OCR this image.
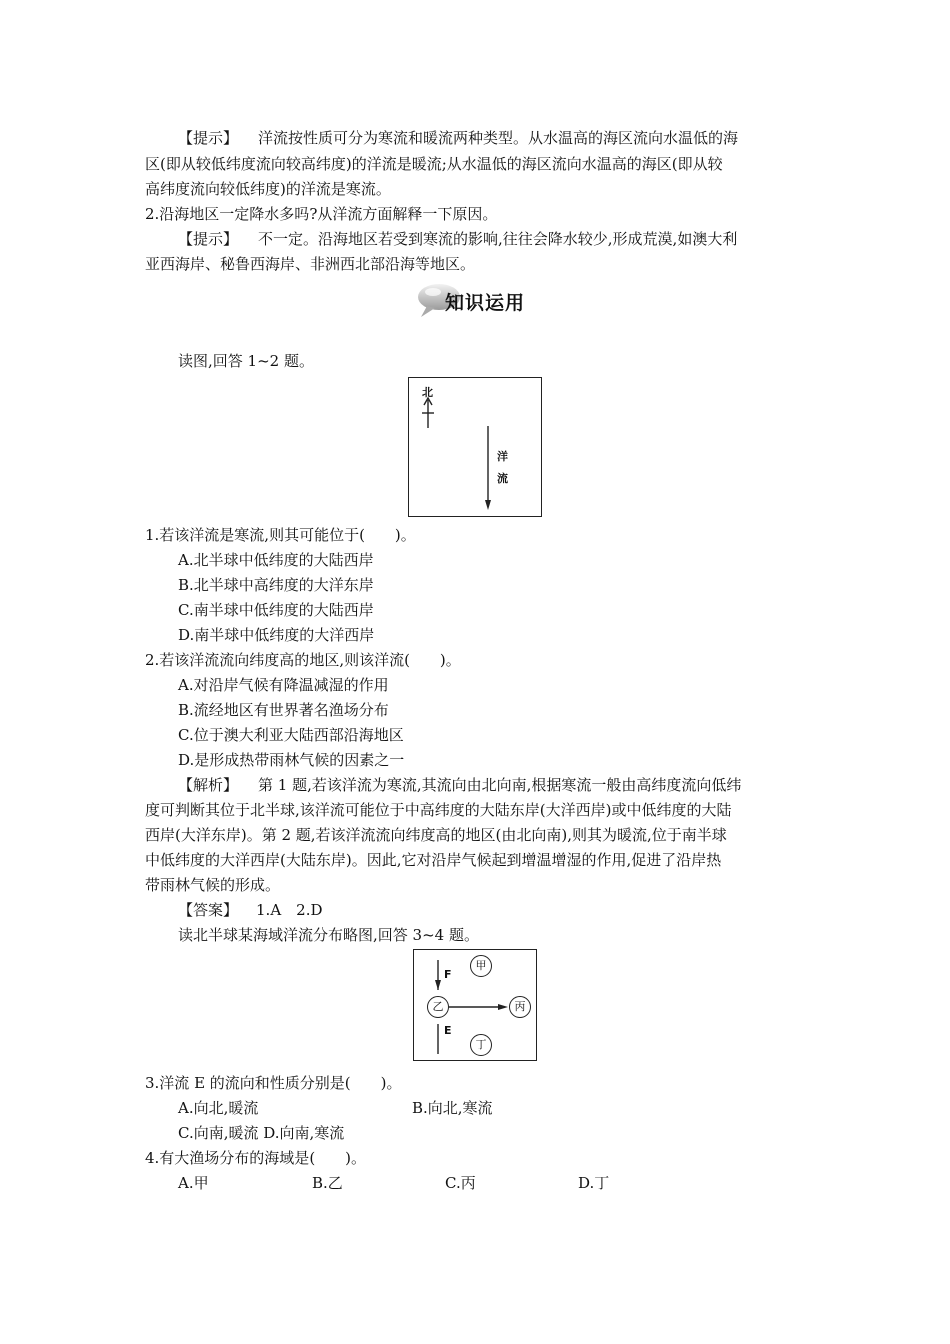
【提示】 洋流按性质可分为寒流和暖流两种类型。从水温高的海区流向水温低的海
区(即从较低纬度流向较高纬度)的洋流是暖流;从水温低的海区流向水温高的海区(即从较
高纬度流向较低纬度)的洋流是寒流。
2.沿海地区一定降水多吗?从洋流方面解释一下原因。
【提示】 不一定。沿海地区若受到寒流的影响,往往会降水较少,形成荒漠,如澳大利
亚西海岸、秘鲁西海岸、非洲西北部沿海等地区。
知识运用
读图,回答 1~2 题。
北
洋
流
1.若该洋流是寒流,则其可能位于(　　)。
A.北半球中低纬度的大陆西岸
B.北半球中高纬度的大洋东岸
C.南半球中低纬度的大陆西岸
D.南半球中低纬度的大洋西岸
2.若该洋流流向纬度高的地区,则该洋流(　　)。
A.对沿岸气候有降温减湿的作用
B.流经地区有世界著名渔场分布
C.位于澳大利亚大陆西部沿海地区
D.是形成热带雨林气候的因素之一
【解析】 第 1 题,若该洋流为寒流,其流向由北向南,根据寒流一般由高纬度流向低纬
度可判断其位于北半球,该洋流可能位于中高纬度的大陆东岸(大洋西岸)或中低纬度的大陆
西岸(大洋东岸)。第 2 题,若该洋流流向纬度高的地区(由北向南),则其为暖流,位于南半球
中低纬度的大洋西岸(大陆东岸)。因此,它对沿岸气候起到增温增湿的作用,促进了沿岸热
带雨林气候的形成。
【答案】 1.A　2.D
读北半球某海域洋流分布略图,回答 3~4 题。
F
E
甲
乙	丙
丁
3.洋流 E 的流向和性质分别是(　　)。
A.向北,暖流	B.向北,寒流
C.向南,暖流 D.向南,寒流
4.有大渔场分布的海域是(　　)。
A.甲	B.乙	C.丙	D.丁
